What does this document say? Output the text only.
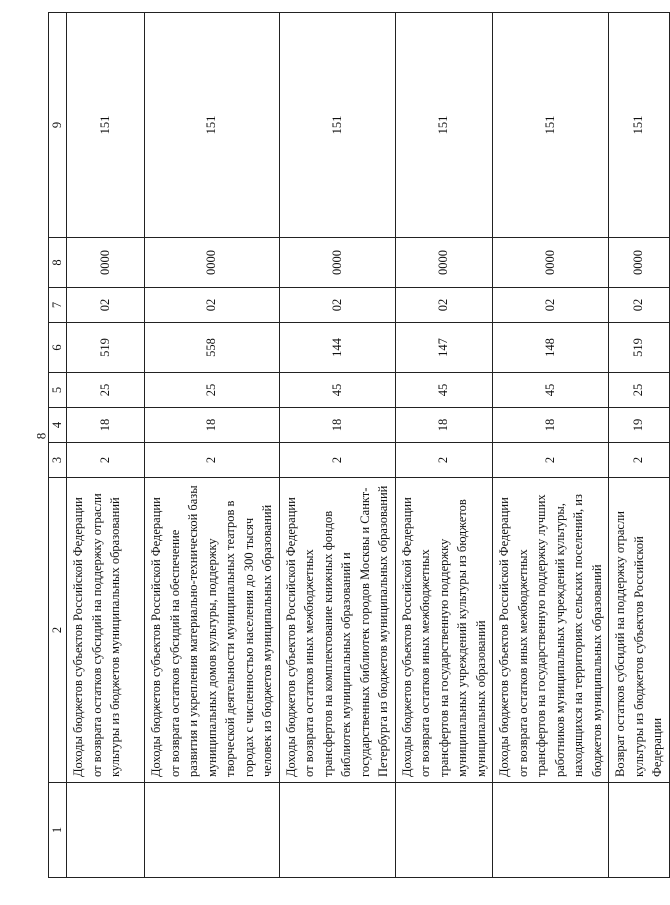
8
1	2	3	4	5	6	7	8	9
	Доходы бюджетов субъектов Российской Федерации от возврата остатков субсидий на поддержку отрасли культуры из бюджетов муниципальных образований	2	18	25	519	02	0000	151
	Доходы бюджетов субъектов Российской Федерации от возврата остатков субсидий на обеспечение развития и укрепления материально-технической базы муниципальных домов культуры, поддержку творческой деятельности муниципальных театров в городах с численностью населения до 300 тысяч человек из бюджетов муниципальных образований	2	18	25	558	02	0000	151
	Доходы бюджетов субъектов Российской Федерации от возврата остатков иных межбюджетных трансфертов на комплектование книжных фондов библиотек муниципальных образований и государственных библиотек городов Москвы и Санкт-Петербурга из бюджетов муниципальных образований	2	18	45	144	02	0000	151
	Доходы бюджетов субъектов Российской Федерации от возврата остатков иных межбюджетных трансфертов на государственную поддержку муниципальных учреждений культуры из бюджетов муниципальных образований	2	18	45	147	02	0000	151
	Доходы бюджетов субъектов Российской Федерации от возврата остатков иных межбюджетных трансфертов на государственную поддержку лучших работников муниципальных учреждений культуры, находящихся на территориях сельских поселений, из бюджетов муниципальных образований	2	18	45	148	02	0000	151
	Возврат остатков субсидий на поддержку отрасли культуры из бюджетов субъектов Российской Федерации	2	19	25	519	02	0000	151
